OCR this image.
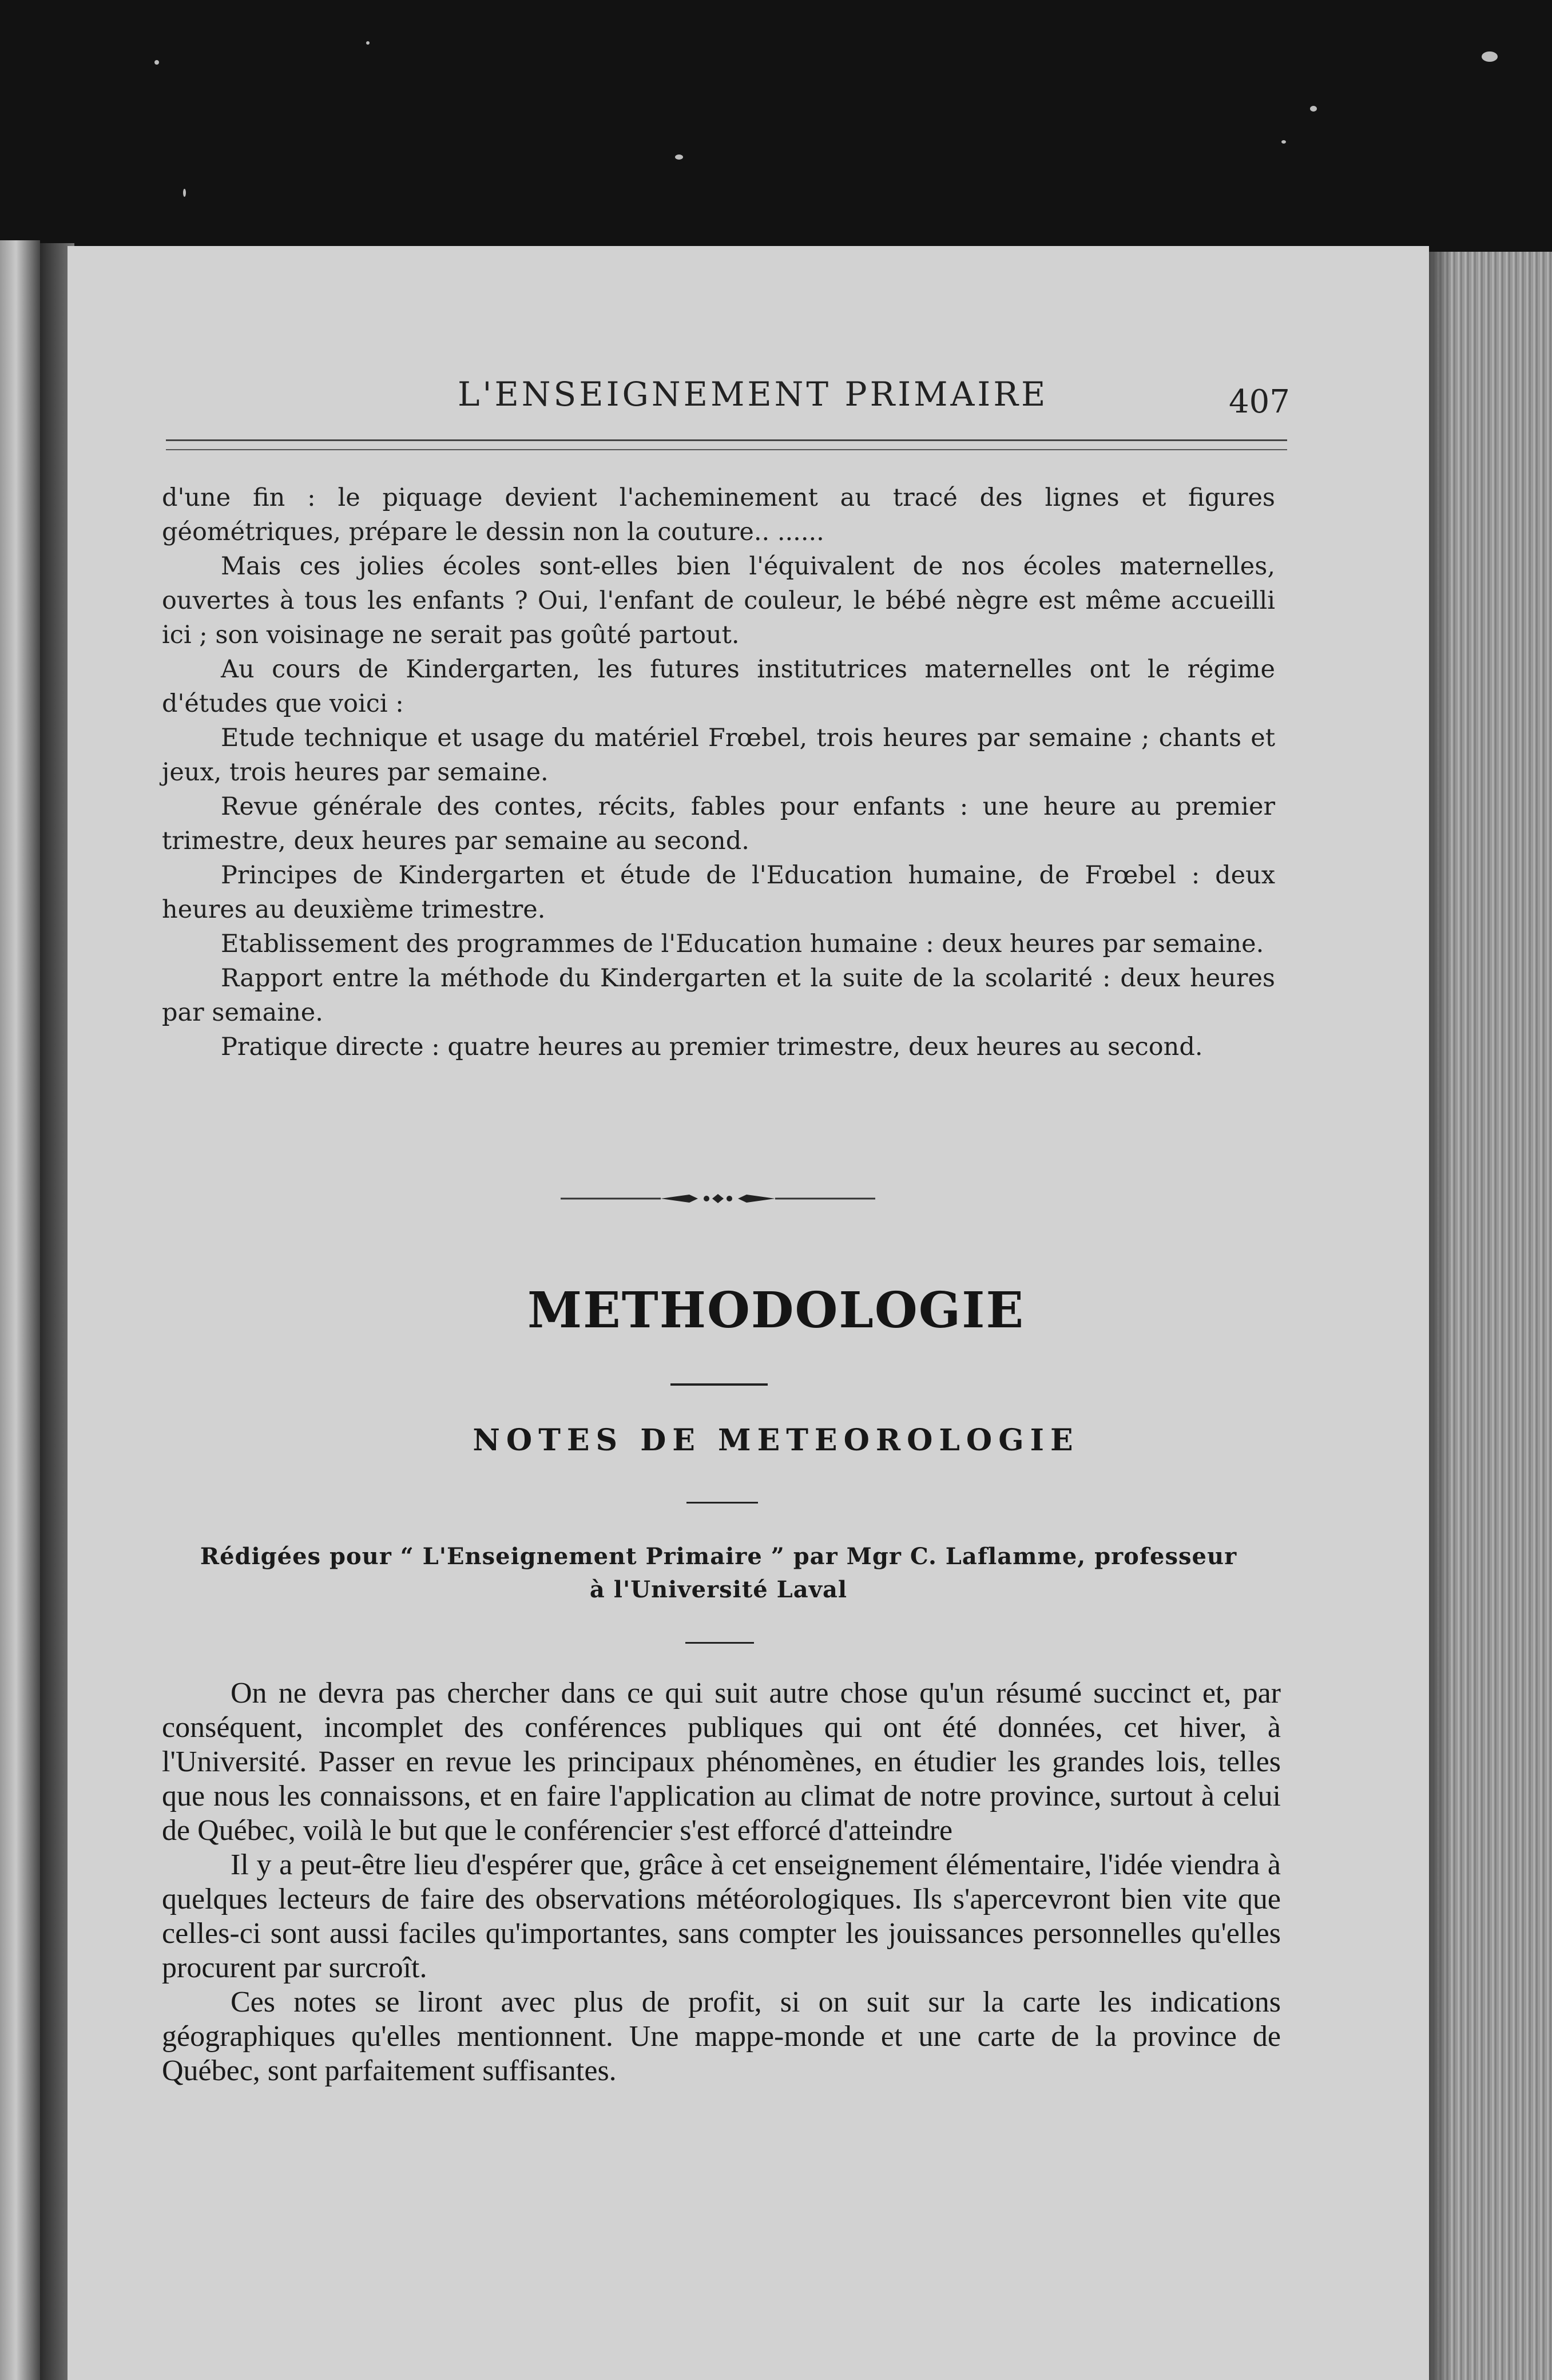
L'ENSEIGNEMENT PRIMAIRE	407

d'une fin : le piquage devient l'acheminement au tracé des lignes et figures géométriques, prépare le dessin non la couture.. ......

Mais ces jolies écoles sont-elles bien l'équivalent de nos écoles maternelles, ouvertes à tous les enfants ? Oui, l'enfant de couleur, le bébé nègre est même accueilli ici ; son voisinage ne serait pas goûté partout.

Au cours de Kindergarten, les futures institutrices maternelles ont le régime d'études que voici :

Etude technique et usage du matériel Frœbel, trois heures par semaine ; chants et jeux, trois heures par semaine.

Revue générale des contes, récits, fables pour enfants : une heure au premier trimestre, deux heures par semaine au second.

Principes de Kindergarten et étude de l'Education humaine, de Frœbel : deux heures au deuxième trimestre.

Etablissement des programmes de l'Education humaine : deux heures par semaine.

Rapport entre la méthode du Kindergarten et la suite de la scolarité : deux heures par semaine.

Pratique directe : quatre heures au premier trimestre, deux heures au second.

METHODOLOGIE
NOTES DE METEOROLOGIE
Rédigées pour “ L'Enseignement Primaire ” par Mgr C. Laflamme, professeur
à l'Université Laval

On ne devra pas chercher dans ce qui suit autre chose qu'un résumé succinct et, par conséquent, incomplet des conférences publiques qui ont été données, cet hiver, à l'Université. Passer en revue les principaux phénomènes, en étudier les grandes lois, telles que nous les connaissons, et en faire l'application au climat de notre province, surtout à celui de Québec, voilà le but que le conférencier s'est efforcé d'atteindre

Il y a peut-être lieu d'espérer que, grâce à cet enseignement élémentaire, l'idée viendra à quelques lecteurs de faire des observations météorologiques. Ils s'apercevront bien vite que celles-ci sont aussi faciles qu'importantes, sans compter les jouissances personnelles qu'elles procurent par surcroît.

Ces notes se liront avec plus de profit, si on suit sur la carte les indications géographiques qu'elles mentionnent. Une mappe-monde et une carte de la province de Québec, sont parfaitement suffisantes.
